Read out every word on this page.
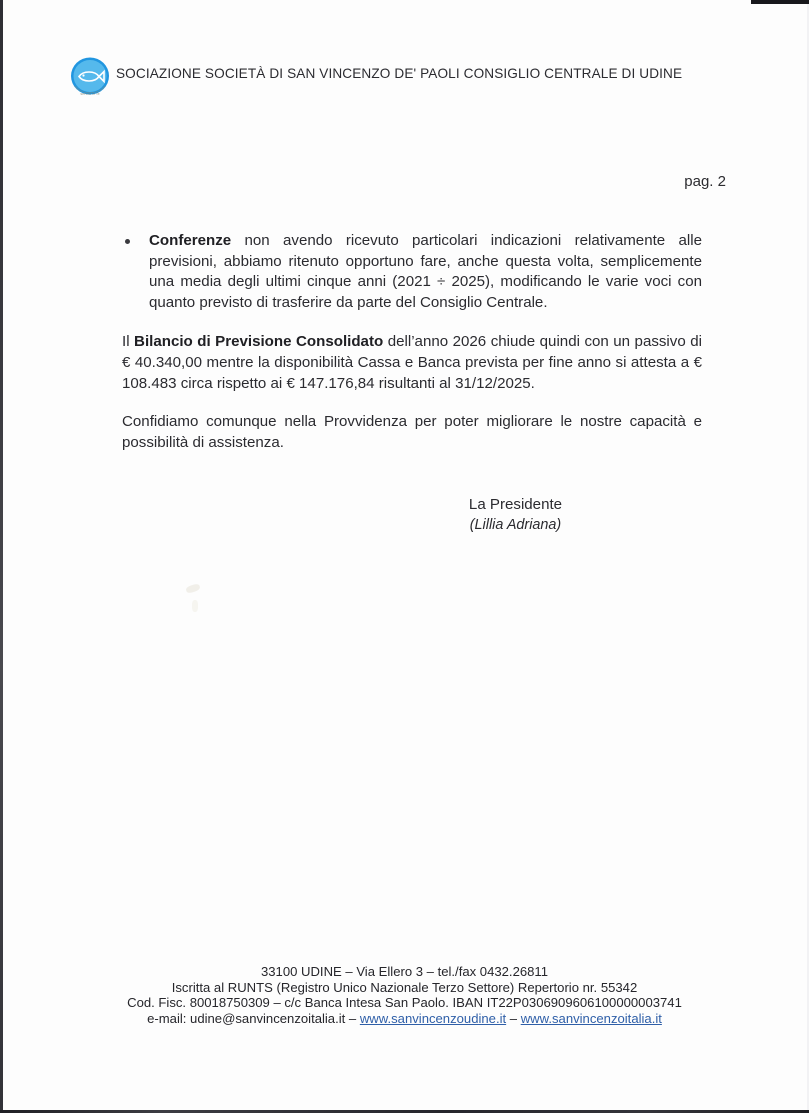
servire in Te
SOCIAZIONE SOCIETÀ DI SAN VINCENZO DE' PAOLI CONSIGLIO CENTRALE DI UDINE
pag. 2

Conferenze non avendo ricevuto particolari indicazioni relativamente alle previsioni, abbiamo ritenuto opportuno fare, anche questa volta, semplicemente una media degli ultimi cinque anni (2021 ÷ 2025), modificando le varie voci con quanto previsto di trasferire da parte del Consiglio Centrale.

Il Bilancio di Previsione Consolidato dell’anno 2026 chiude quindi con un passivo di € 40.340,00 mentre la disponibilità Cassa e Banca prevista per fine anno si attesta a € 108.483 circa rispetto ai € 147.176,84 risultanti al 31/12/2025.

Confidiamo comunque nella Provvidenza per poter migliorare le nostre capacità e possibilità di assistenza.

La Presidente
(Lillia Adriana)
33100 UDINE – Via Ellero 3 – tel./fax 0432.26811
Iscritta al RUNTS (Registro Unico Nazionale Terzo Settore) Repertorio nr. 55342
Cod. Fisc. 80018750309 – c/c Banca Intesa San Paolo. IBAN IT22P0306909606100000003741
e-mail: udine@sanvincenzoitalia.it – www.sanvincenzoudine.it – www.sanvincenzoitalia.it
